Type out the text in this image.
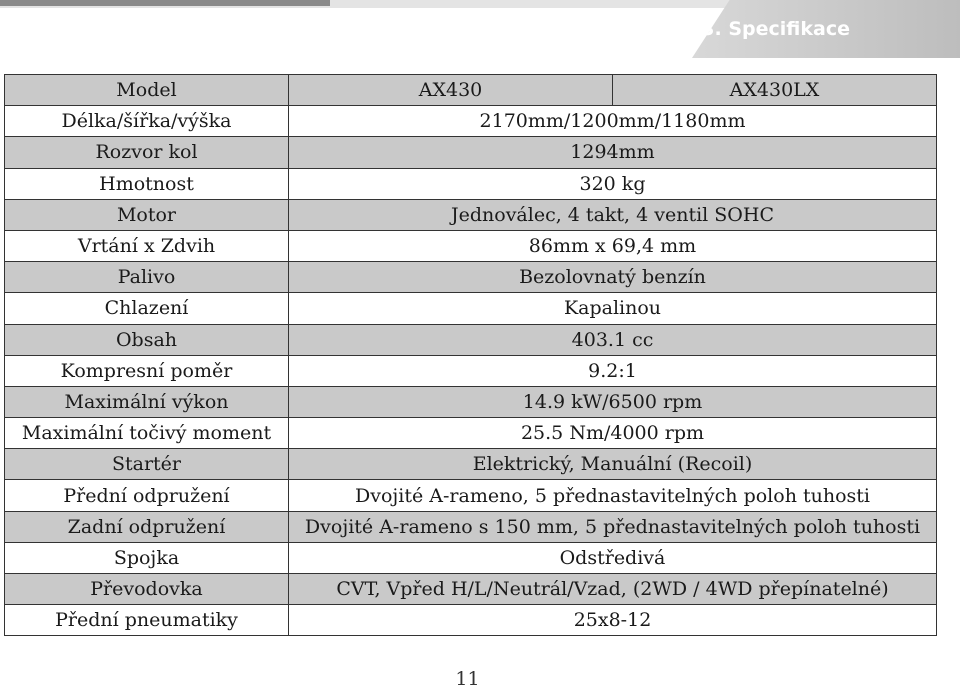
3. Specifikace
Model	AX430	AX430LX
Délka/šířka/výška	2170mm/1200mm/1180mm	
Rozvor kol	1294mm	
Hmotnost	320 kg	
Motor	Jednoválec, 4 takt, 4 ventil SOHC	
Vrtání x Zdvih	86mm x 69,4 mm	
Palivo	Bezolovnatý benzín	
Chlazení	Kapalinou	
Obsah	403.1 cc	
Kompresní poměr	9.2:1	
Maximální výkon	14.9 kW/6500 rpm	
Maximální točivý moment	25.5 Nm/4000 rpm	
Startér	Elektrický, Manuální (Recoil)	
Přední odpružení	Dvojité A-rameno, 5 přednastavitelných poloh tuhosti	
Zadní odpružení	Dvojité A-rameno s 150 mm, 5 přednastavitelných poloh tuhosti	
Spojka	Odstředivá	
Převodovka	CVT, Vpřed H/L/Neutrál/Vzad, (2WD / 4WD přepínatelné)	
Přední pneumatiky	25x8-12	
11
